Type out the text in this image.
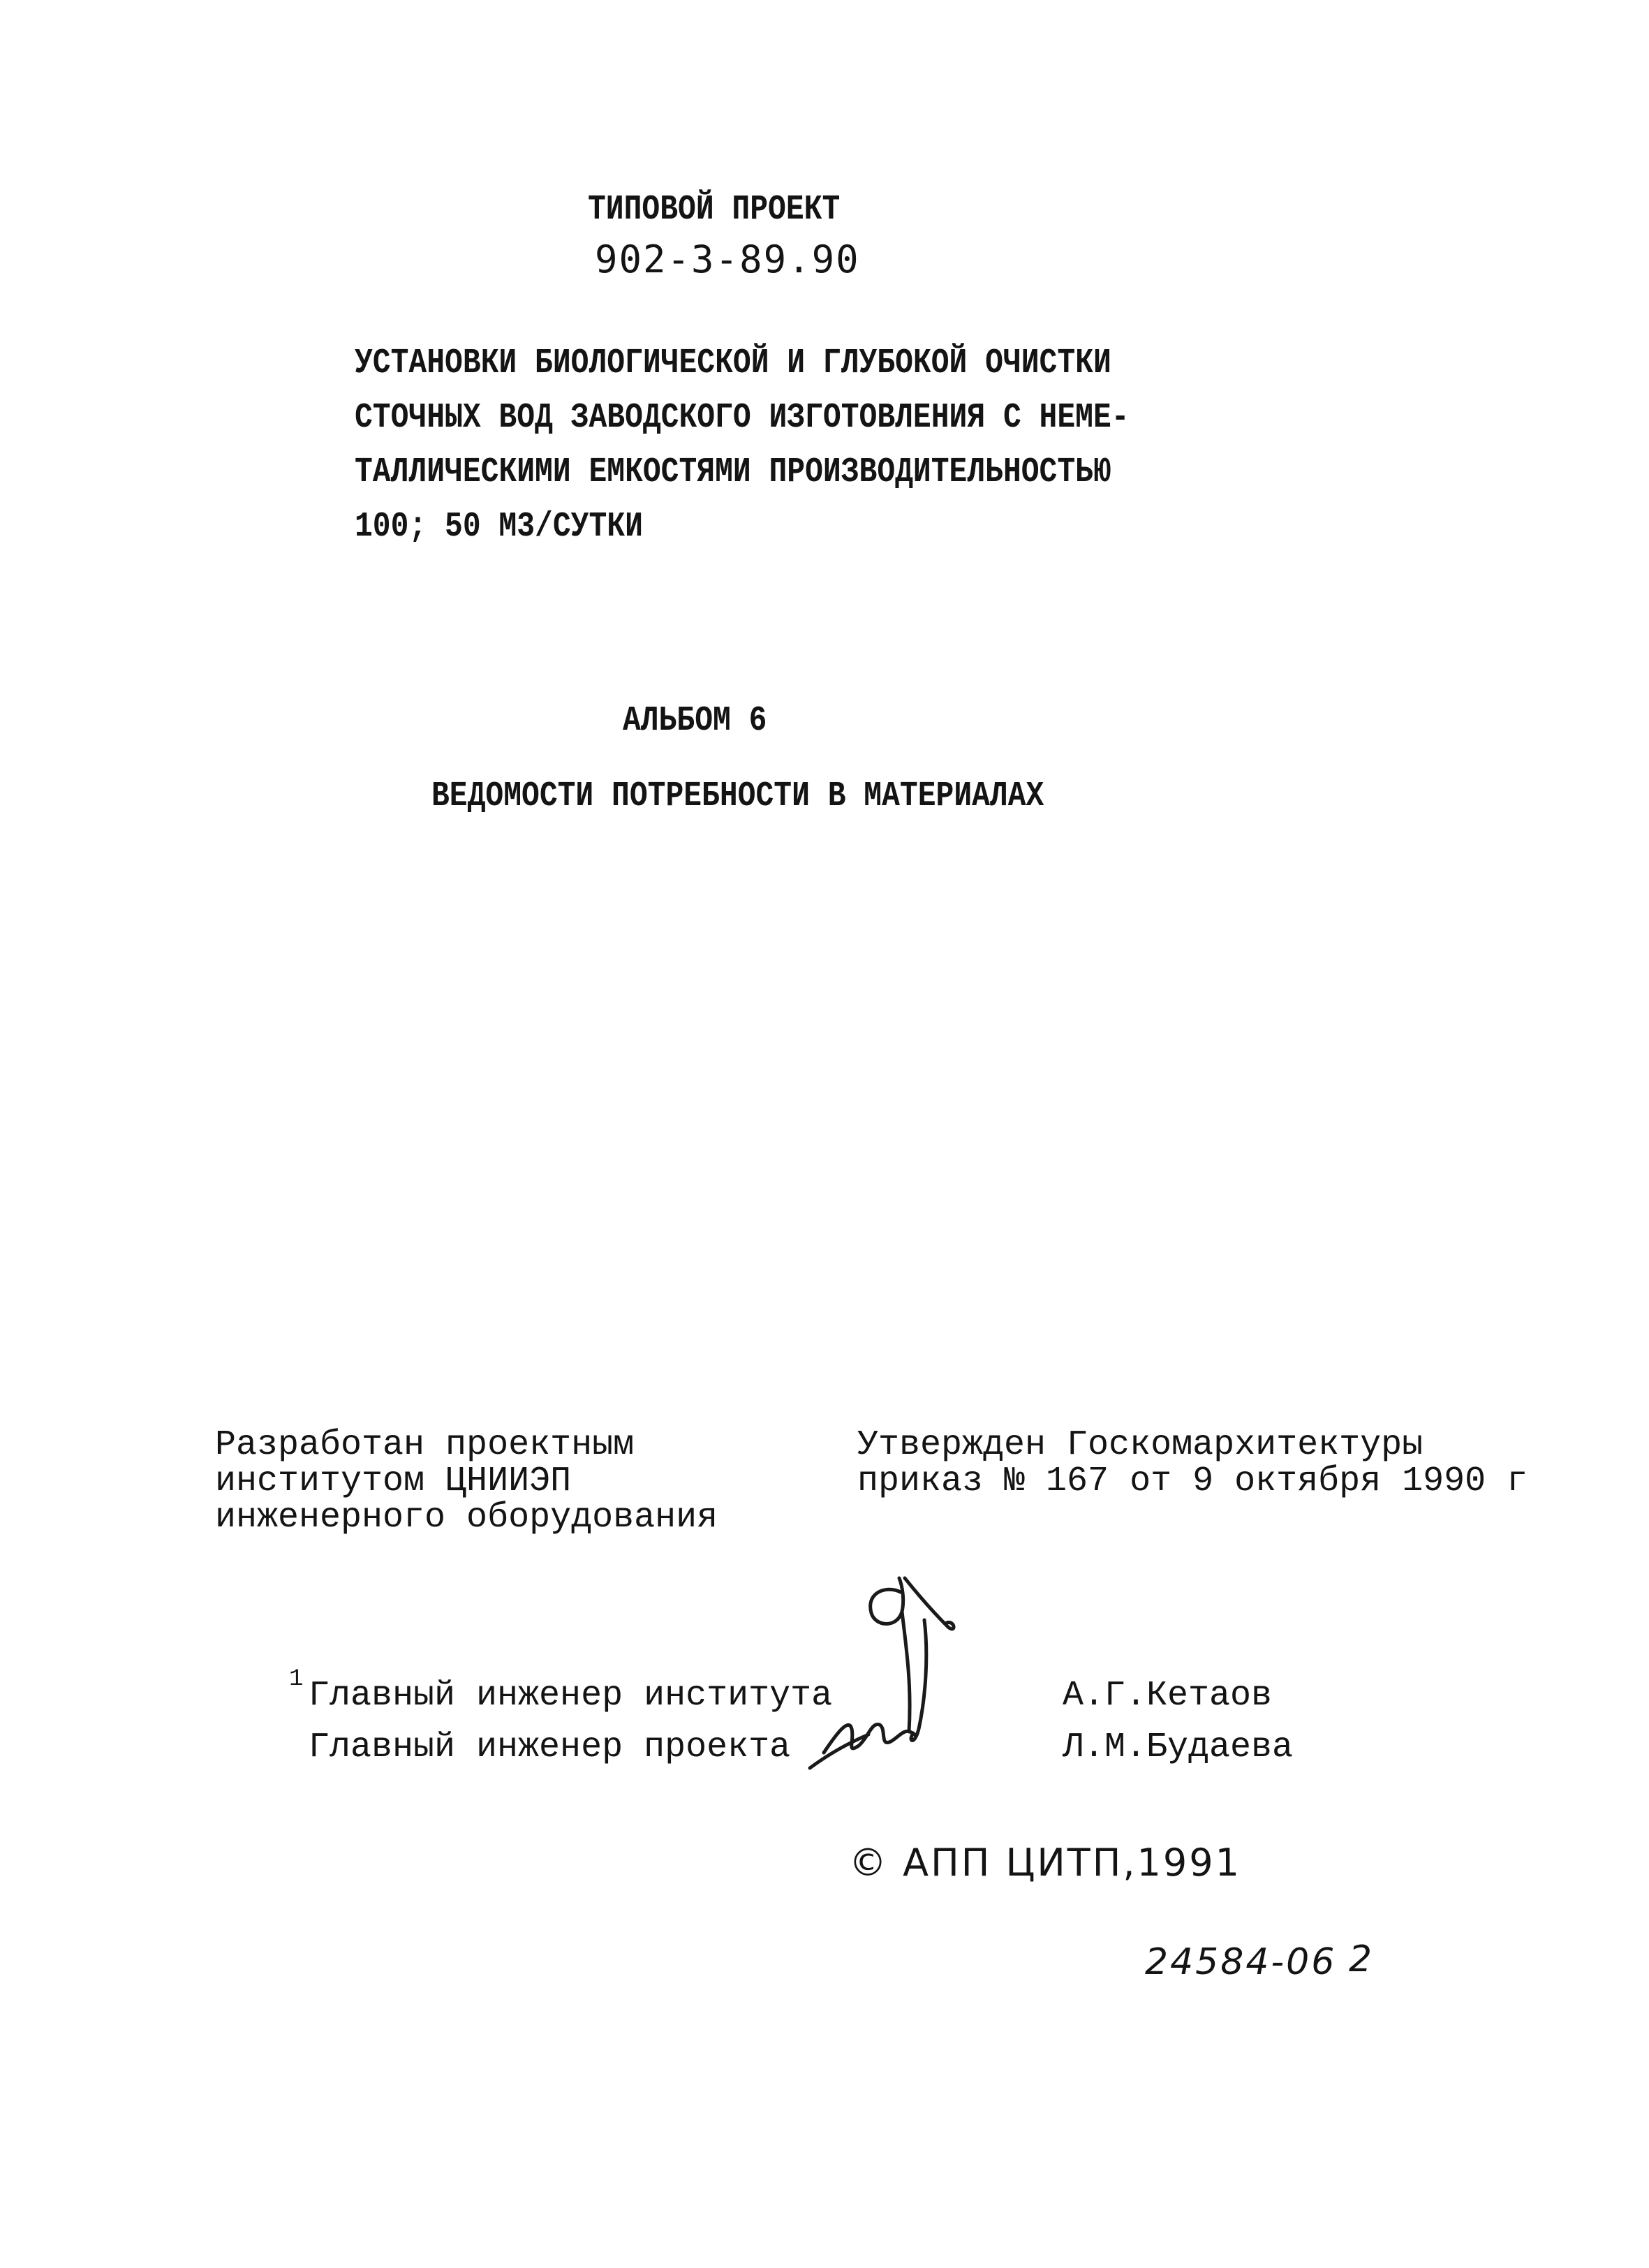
ТИПОВОЙ ПРОЕКТ
902-3-89.90
УСТАНОВКИ БИОЛОГИЧЕСКОЙ И ГЛУБОКОЙ ОЧИСТКИ
СТОЧНЫХ ВОД ЗАВОДСКОГО ИЗГОТОВЛЕНИЯ С НЕМЕ-
ТАЛЛИЧЕСКИМИ ЕМКОСТЯМИ ПРОИЗВОДИТЕЛЬНОСТЬЮ
100; 50 М3/СУТКИ
АЛЬБОМ 6
ВЕДОМОСТИ ПОТРЕБНОСТИ В МАТЕРИАЛАХ
Разработан проектным
институтом ЦНИИЭП
инженерного оборудования
Утвержден Госкомархитектуры
приказ № 167 от 9 октября 1990 г
1 Главный инженер института	А.Г.Кетаов
Главный инженер проекта	Л.М.Будаева
© АПП ЦИТП,1991
24584-06 2
